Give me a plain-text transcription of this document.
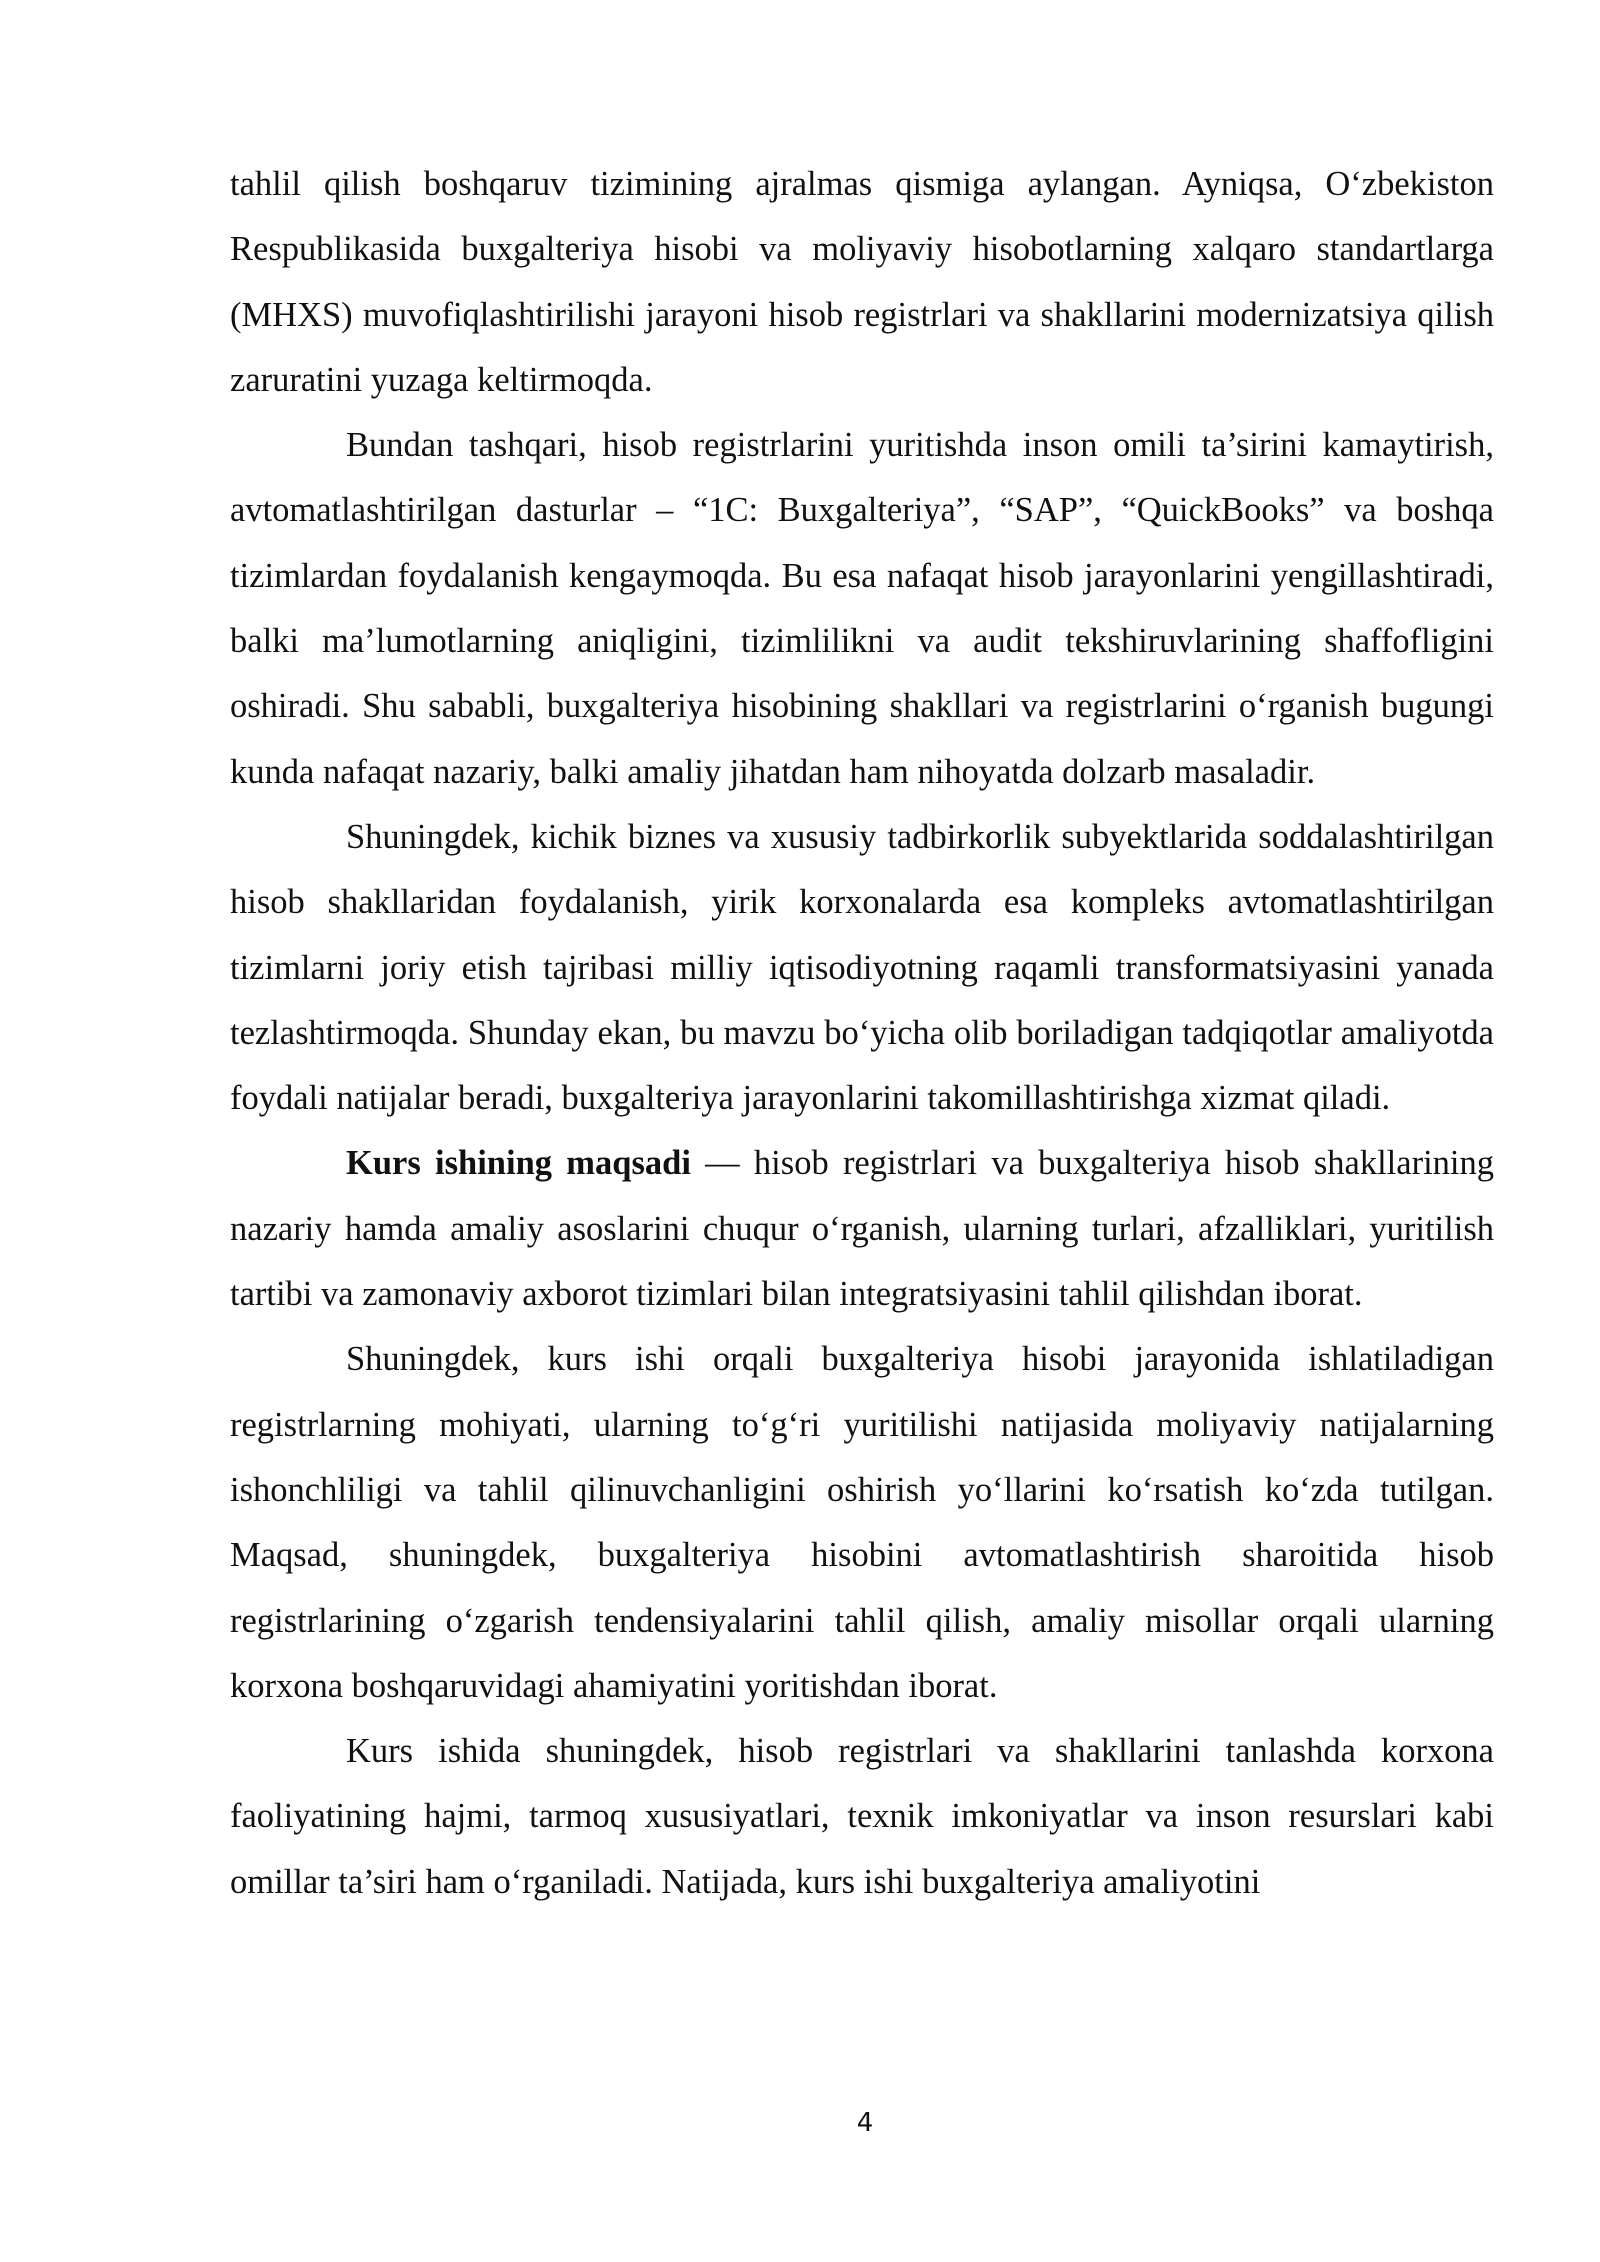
tahlil qilish boshqaruv tizimining ajralmas qismiga aylangan. Ayniqsa, O‘zbekiston Respublikasida buxgalteriya hisobi va moliyaviy hisobotlarning xalqaro standartlarga (MHXS) muvofiqlashtirilishi jarayoni hisob registrlari va shakllarini modernizatsiya qilish zaruratini yuzaga keltirmoqda.

Bundan tashqari, hisob registrlarini yuritishda inson omili ta’sirini kamaytirish, avtomatlashtirilgan dasturlar – “1C: Buxgalteriya”, “SAP”, “QuickBooks” va boshqa tizimlardan foydalanish kengaymoqda. Bu esa nafaqat hisob jarayonlarini yengillashtiradi, balki ma’lumotlarning aniqligini, tizimlilikni va audit tekshiruvlarining shaffofligini oshiradi. Shu sababli, buxgalteriya hisobining shakllari va registrlarini o‘rganish bugungi kunda nafaqat nazariy, balki amaliy jihatdan ham nihoyatda dolzarb masaladir.

Shuningdek, kichik biznes va xususiy tadbirkorlik subyektlarida soddalashtirilgan hisob shakllaridan foydalanish, yirik korxonalarda esa kompleks avtomatlashtirilgan tizimlarni joriy etish tajribasi milliy iqtisodiyotning raqamli transformatsiyasini yanada tezlashtirmoqda. Shunday ekan, bu mavzu bo‘yicha olib boriladigan tadqiqotlar amaliyotda foydali natijalar beradi, buxgalteriya jarayonlarini takomillashtirishga xizmat qiladi.

Kurs ishining maqsadi — hisob registrlari va buxgalteriya hisob shakllarining nazariy hamda amaliy asoslarini chuqur o‘rganish, ularning turlari, afzalliklari, yuritilish tartibi va zamonaviy axborot tizimlari bilan integratsiyasini tahlil qilishdan iborat.

Shuningdek, kurs ishi orqali buxgalteriya hisobi jarayonida ishlatiladigan registrlarning mohiyati, ularning to‘g‘ri yuritilishi natijasida moliyaviy natijalarning ishonchliligi va tahlil qilinuvchanligini oshirish yo‘llarini ko‘rsatish ko‘zda tutilgan. Maqsad, shuningdek, buxgalteriya hisobini avtomatlashtirish sharoitida hisob registrlarining o‘zgarish tendensiyalarini tahlil qilish, amaliy misollar orqali ularning korxona boshqaruvidagi ahamiyatini yoritishdan iborat.

Kurs ishida shuningdek, hisob registrlari va shakllarini tanlashda korxona faoliyatining hajmi, tarmoq xususiyatlari, texnik imkoniyatlar va inson resurslari kabi omillar ta’siri ham o‘rganiladi. Natijada, kurs ishi buxgalteriya amaliyotini

4
